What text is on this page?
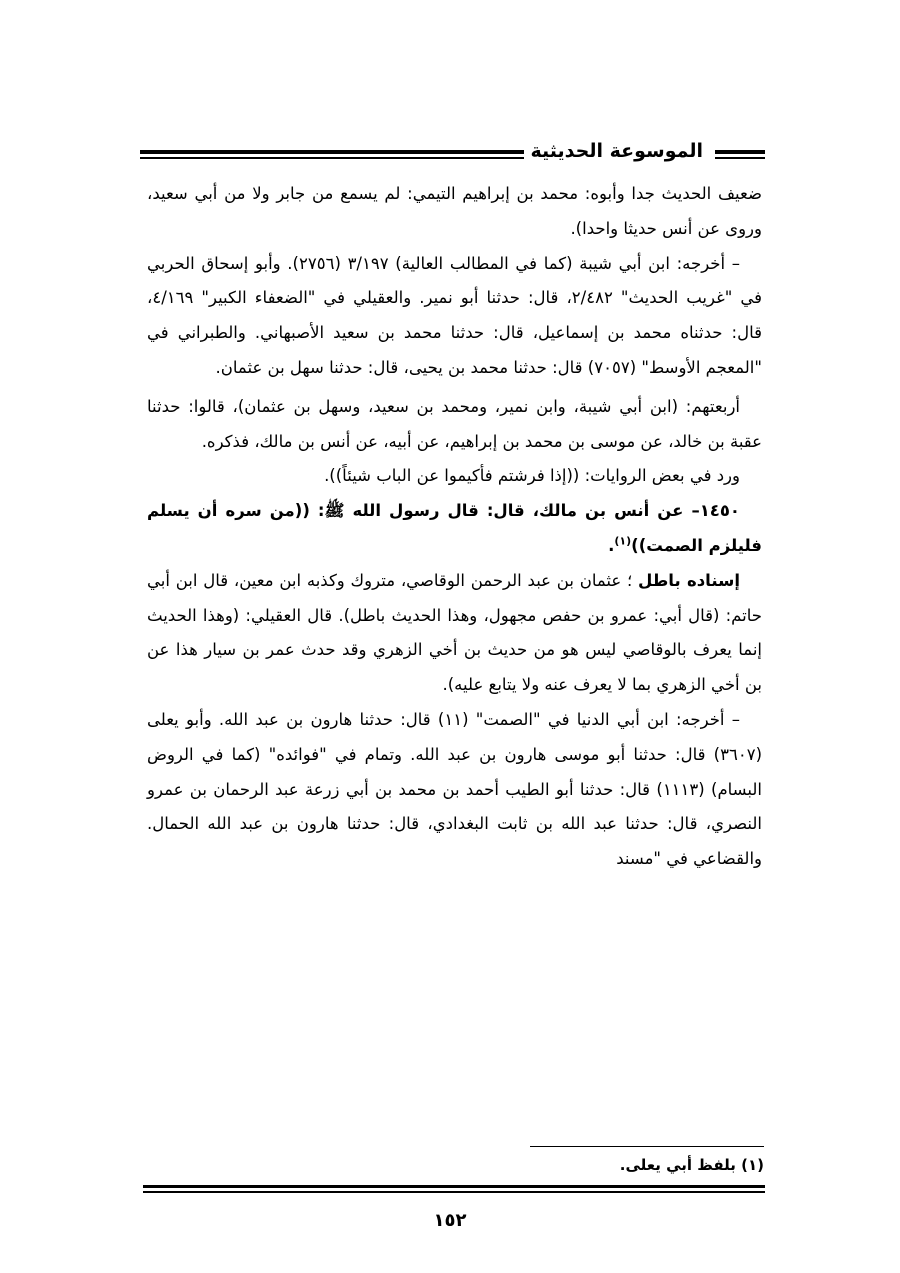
الموسوعة الحديثية

ضعيف الحديث جدا وأبوه: محمد بن إبراهيم التيمي: لم يسمع من جابر ولا من أبي سعيد، وروى عن أنس حديثا واحدا).

– أخرجه: ابن أبي شيبة (كما في المطالب العالية) ٣/١٩٧ (٢٧٥٦). وأبو إسحاق الحربي في "غريب الحديث" ٢/٤٨٢، قال: حدثنا أبو نمير. والعقيلي في "الضعفاء الكبير" ٤/١٦٩، قال: حدثناه محمد بن إسماعيل، قال: حدثنا محمد بن سعيد الأصبهاني. والطبراني في "المعجم الأوسط" (٧٠٥٧) قال: حدثنا محمد بن يحيى، قال: حدثنا سهل بن عثمان.

أربعتهم: (ابن أبي شيبة، وابن نمير، ومحمد بن سعيد، وسهل بن عثمان)، قالوا: حدثنا عقبة بن خالد، عن موسى بن محمد بن إبراهيم، عن أبيه، عن أنس بن مالك، فذكره.

ورد في بعض الروايات: ((إذا فرشتم فأكيموا عن الباب شيئاً)).

١٤٥٠– عن أنس بن مالك، قال: قال رسول الله ﷺ: ((من سره أن يسلم فليلزم الصمت))$^{(١)}$.

إسناده باطل ؛ عثمان بن عبد الرحمن الوقاصي، متروك وكذبه ابن معين، قال ابن أبي حاتم: (قال أبي: عمرو بن حفص مجهول، وهذا الحديث باطل). قال العقيلي: (وهذا الحديث إنما يعرف بالوقاصي ليس هو من حديث بن أخي الزهري وقد حدث عمر بن سيار هذا عن بن أخي الزهري بما لا يعرف عنه ولا يتابع عليه).

– أخرجه: ابن أبي الدنيا في "الصمت" (١١) قال: حدثنا هارون بن عبد الله. وأبو يعلى (٣٦٠٧) قال: حدثنا أبو موسى هارون بن عبد الله. وتمام في "فوائده" (كما في الروض البسام) (١١١٣) قال: حدثنا أبو الطيب أحمد بن محمد بن أبي زرعة عبد الرحمان بن عمرو النصري، قال: حدثنا عبد الله بن ثابت البغدادي، قال: حدثنا هارون بن عبد الله الحمال. والقضاعي في "مسند

(١) بلفظ أبي يعلى.
١٥٢
